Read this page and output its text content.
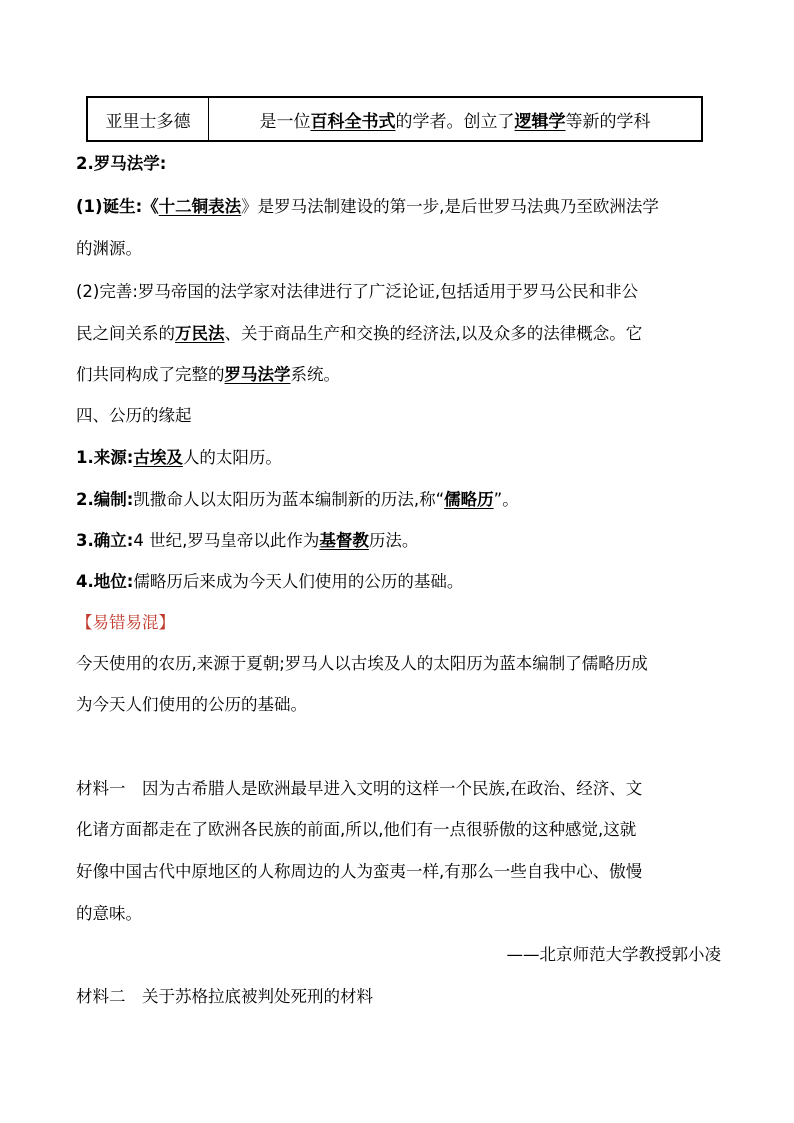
亚里士多德	是一位百科全书式的学者。创立了逻辑学等新的学科
2.罗马法学:
(1)诞生:《十二铜表法》是罗马法制建设的第一步,是后世罗马法典乃至欧洲法学
的渊源。
(2)完善:罗马帝国的法学家对法律进行了广泛论证,包括适用于罗马公民和非公
民之间关系的万民法、关于商品生产和交换的经济法,以及众多的法律概念。它
们共同构成了完整的罗马法学系统。
四、公历的缘起
1.来源:古埃及人的太阳历。
2.编制:凯撒命人以太阳历为蓝本编制新的历法,称“儒略历”。
3.确立:4 世纪,罗马皇帝以此作为基督教历法。
4.地位:儒略历后来成为今天人们使用的公历的基础。
【易错易混】
今天使用的农历,来源于夏朝;罗马人以古埃及人的太阳历为蓝本编制了儒略历成
为今天人们使用的公历的基础。
材料一　因为古希腊人是欧洲最早进入文明的这样一个民族,在政治、经济、文
化诸方面都走在了欧洲各民族的前面,所以,他们有一点很骄傲的这种感觉,这就
好像中国古代中原地区的人称周边的人为蛮夷一样,有那么一些自我中心、傲慢
的意味。
——北京师范大学教授郭小凌
材料二　关于苏格拉底被判处死刑的材料
